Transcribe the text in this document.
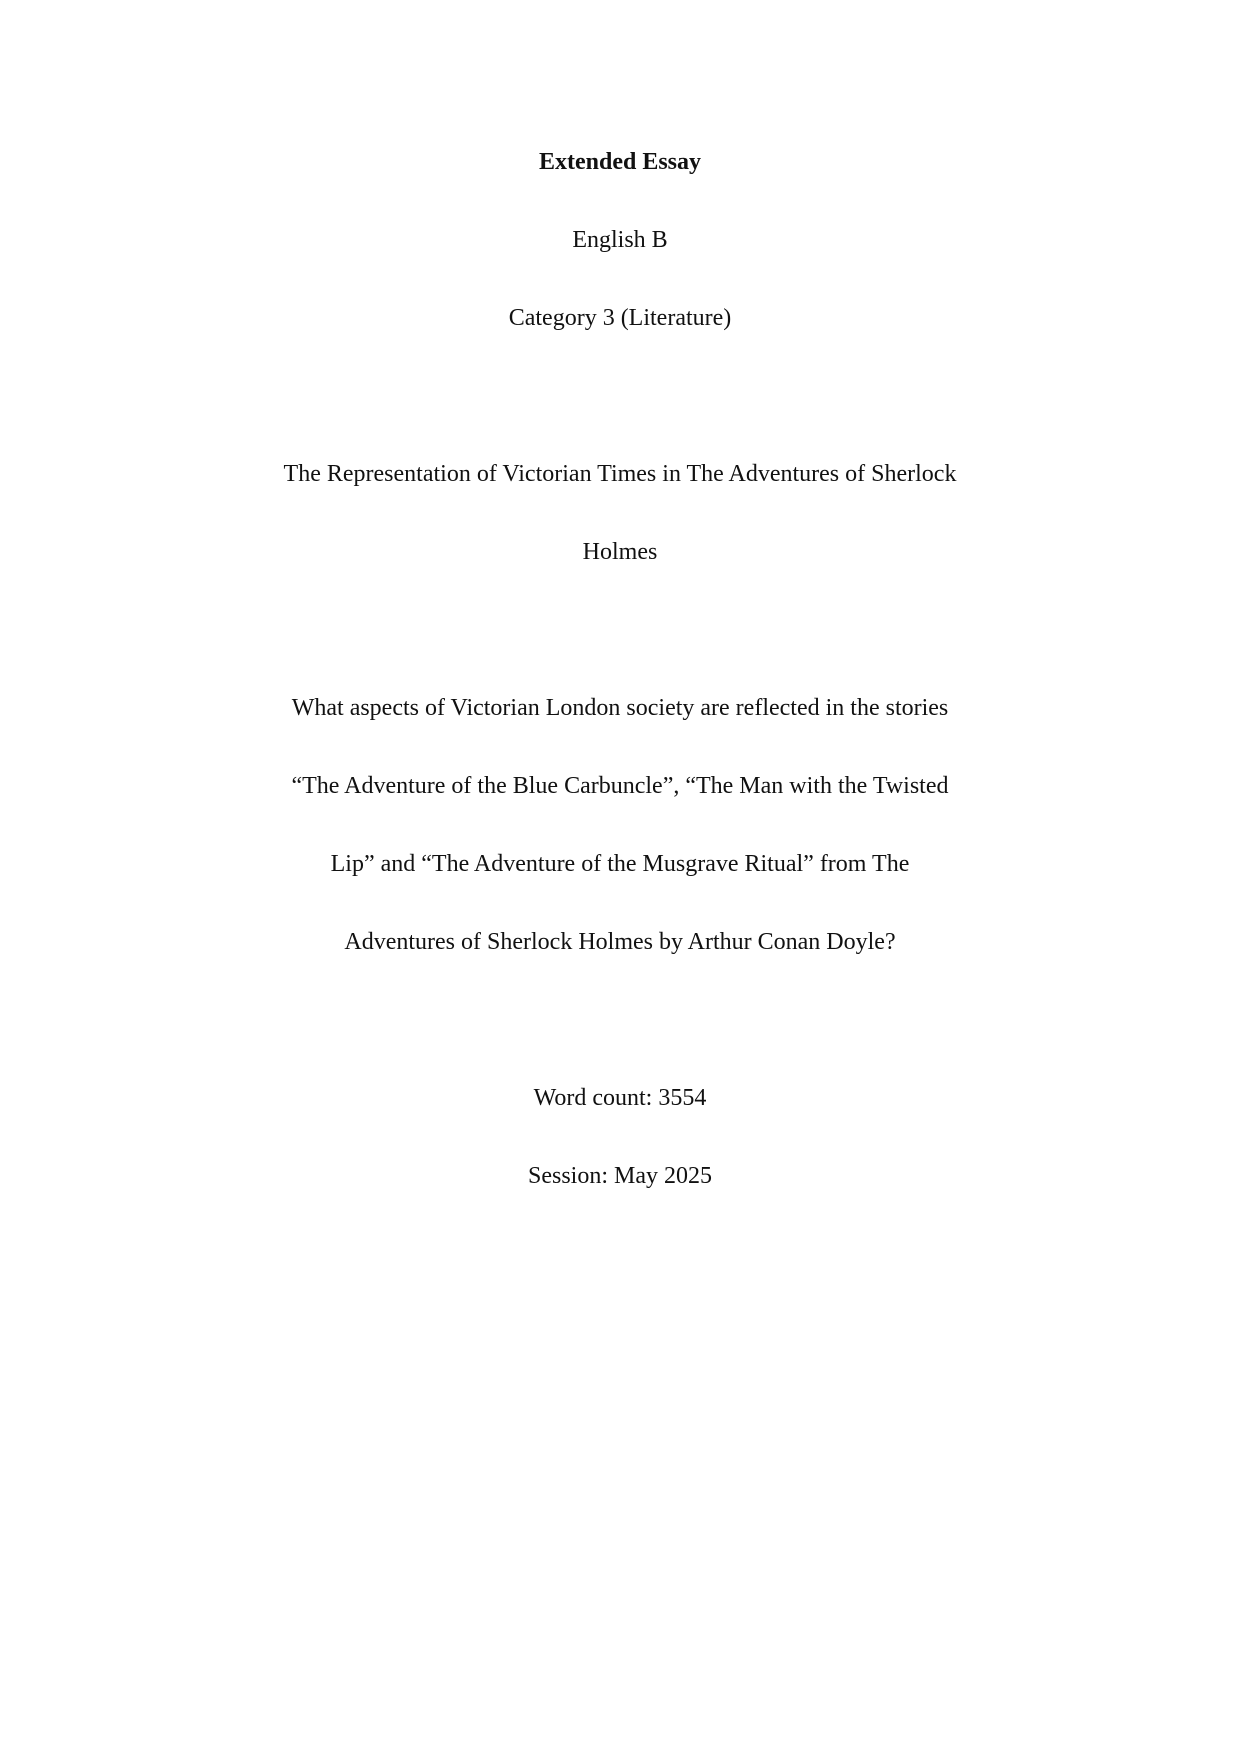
Extended Essay
English B
Category 3 (Literature)
The Representation of Victorian Times in The Adventures of Sherlock
Holmes
What aspects of Victorian London society are reflected in the stories
“The Adventure of the Blue Carbuncle”, “The Man with the Twisted
Lip” and “The Adventure of the Musgrave Ritual” from The
Adventures of Sherlock Holmes by Arthur Conan Doyle?
Word count: 3554
Session: May 2025
